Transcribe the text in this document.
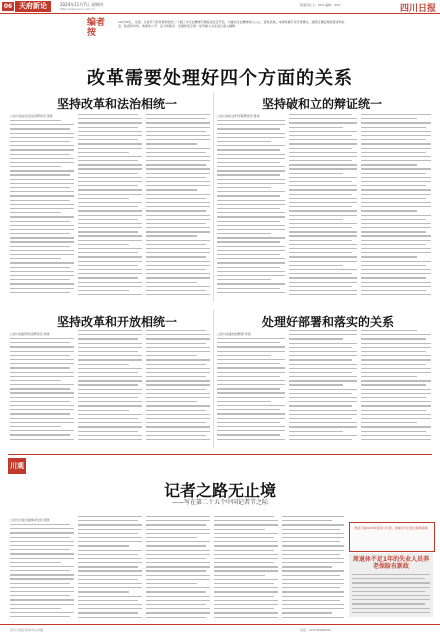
06 天府新论	2024年11月7日 星期四
http://www.scol.com.cn
版面责任人：XXX 编辑：XXX	四川日报
编者按
10月30日，全国、全省学习宣传贯彻党的二十届三中全会精神专题座谈会召开后，为推动全会精神深入人心、落地见效，本版特邀专家学者撰文，围绕正确处理好经济和社会、政府和市场、效率和公平、活力和秩序、发展和安全等一系列重大关系进行深入阐释。
改革需要处理好四个方面的关系
坚持改革和法治相统一	坚持破和立的辩证统一
□四川省法学会法学研究员 邹世	□四川省社会科学院研究员 陈世
坚持改革和开放相统一	处理好部署和落实的关系
□四川省经济学会研究员 周世	□四川省委党校教授 李世
川观
记者之路无止境
——写在第二十五个中国记者节之际
□四川日报全媒体评论员 周世
欢迎订阅2025年度四川日报，收看四川日报全媒体新闻
周退休不足1年的失业人员养老保险有新政
四川日报社印务中心印刷	电话：028-86968000
